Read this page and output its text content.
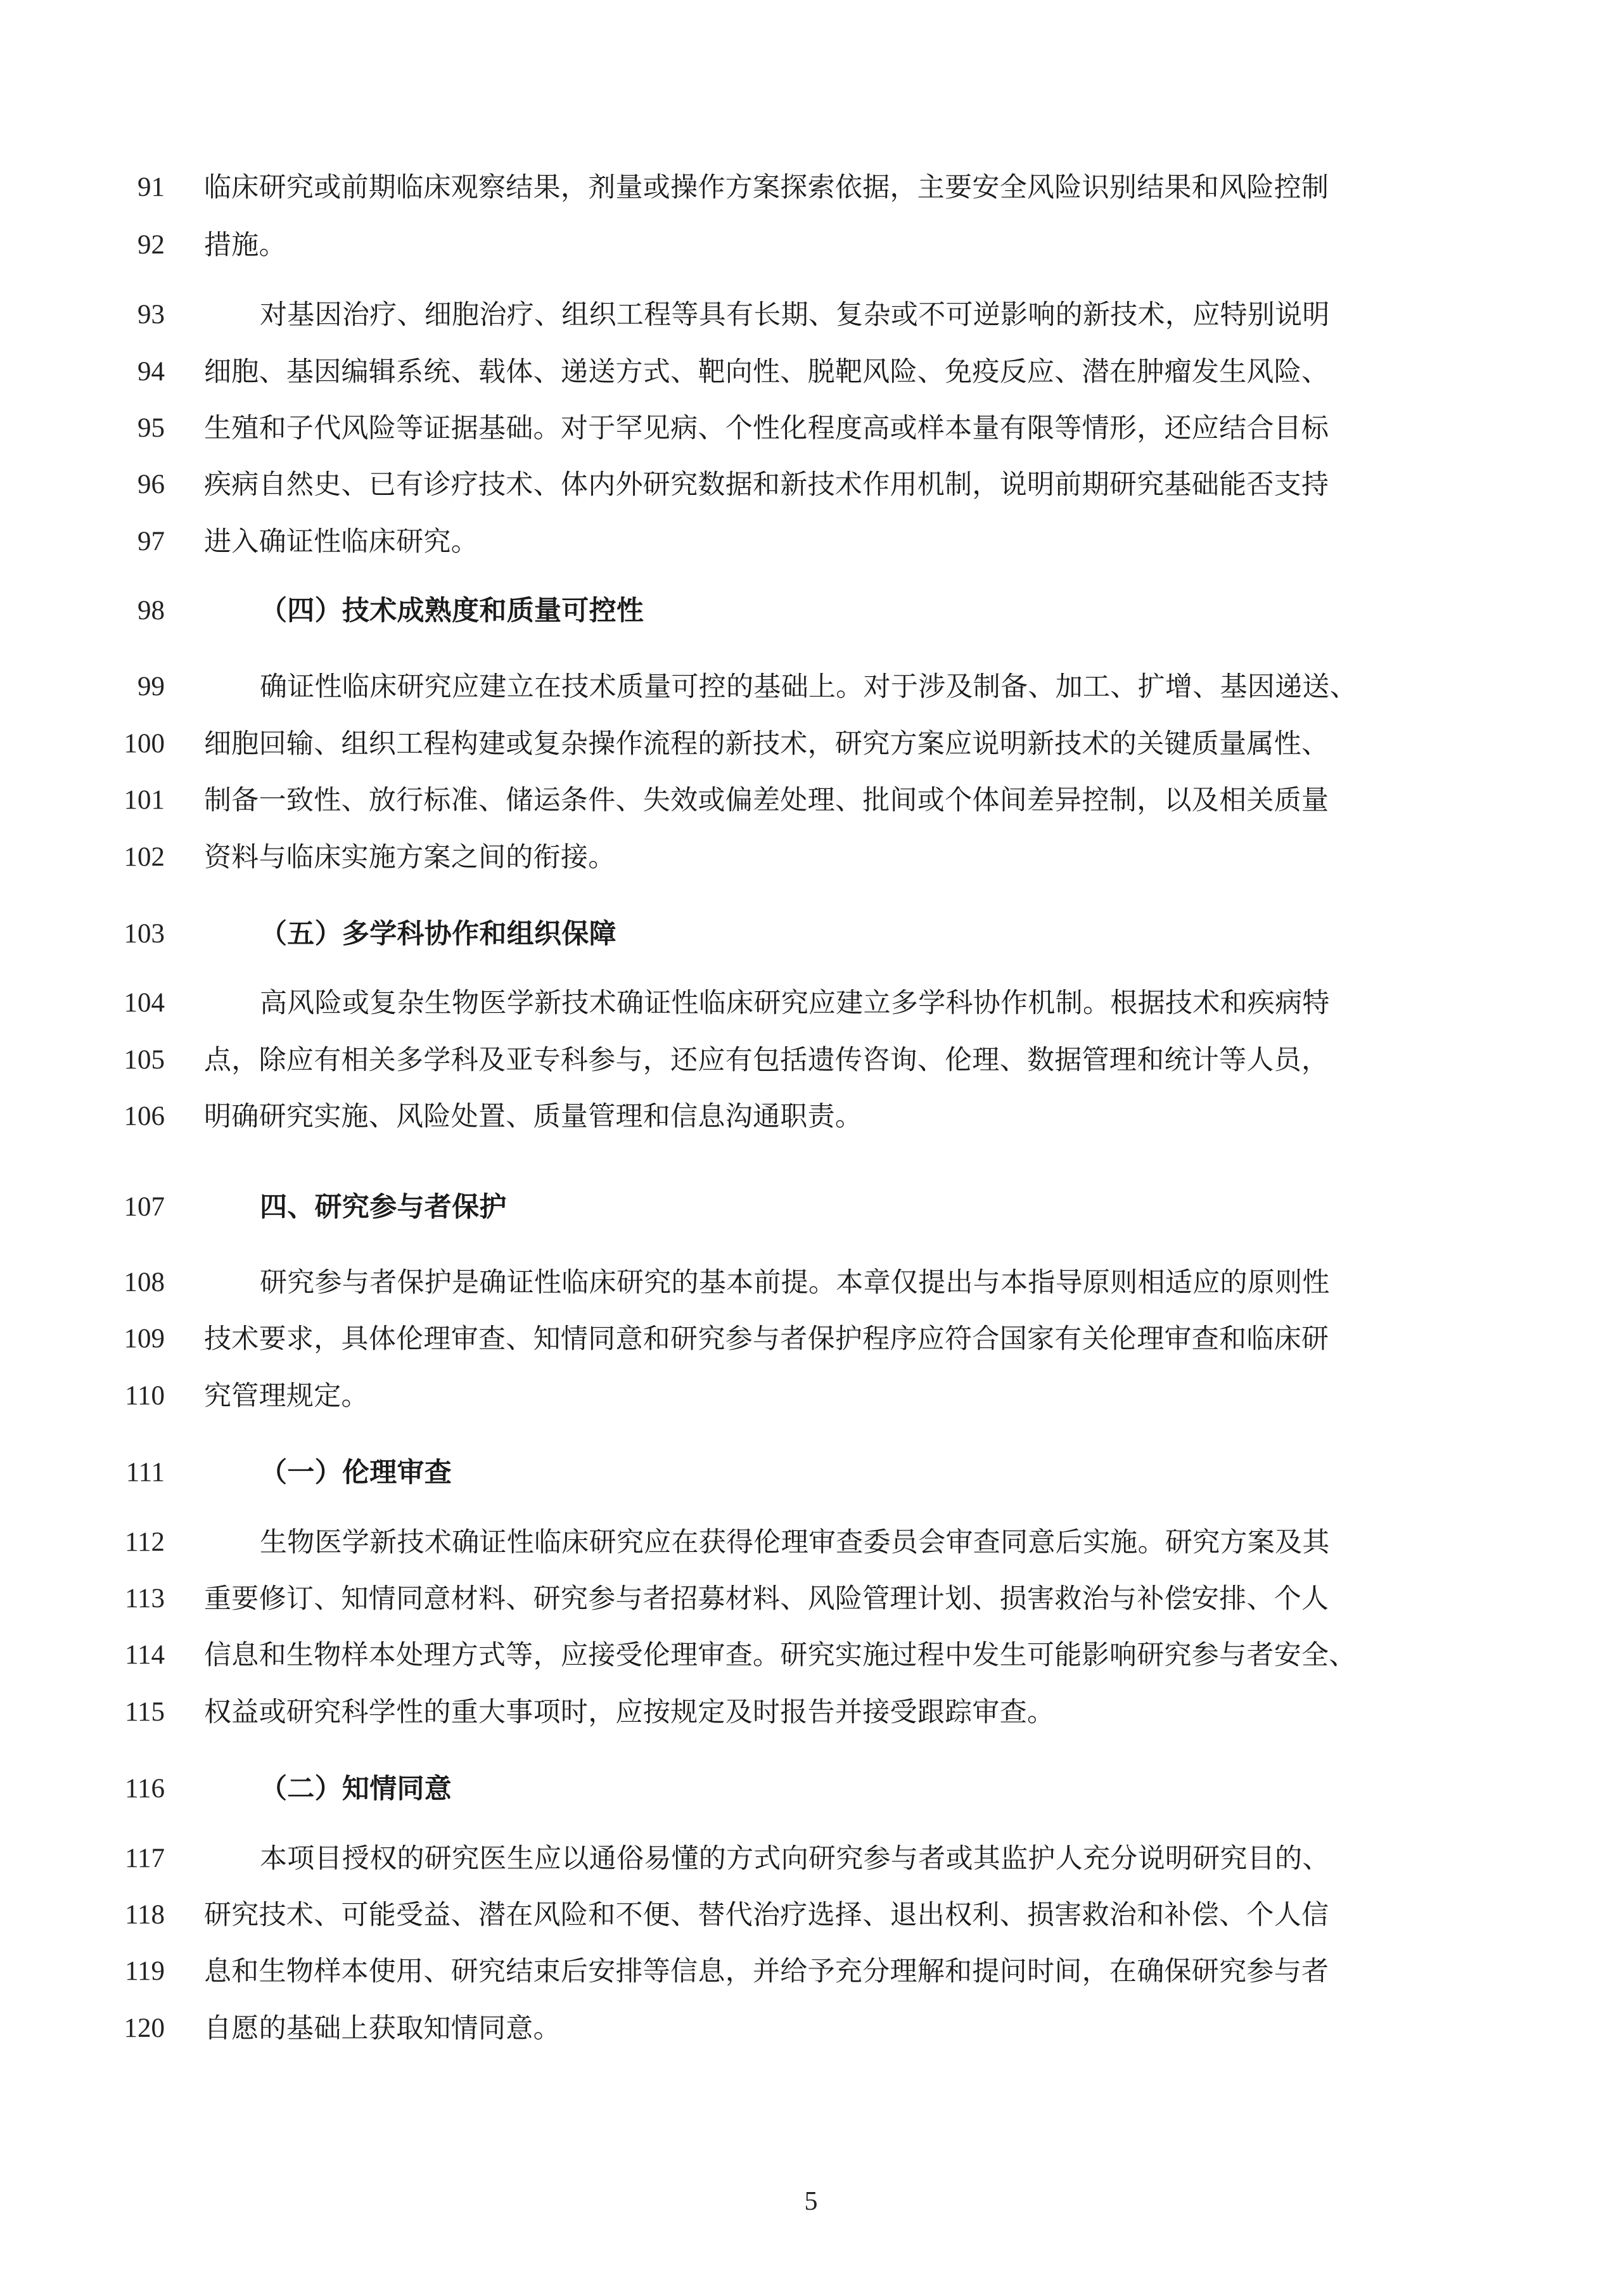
91 临床研究或前期临床观察结果，剂量或操作方案探索依据，主要安全风险识别结果和风险控制
92 措施。
93	对基因治疗、细胞治疗、组织工程等具有长期、复杂或不可逆影响的新技术，应特别说明
94 细胞、基因编辑系统、载体、递送方式、靶向性、脱靶风险、免疫反应、潜在肿瘤发生风险、
95 生殖和子代风险等证据基础。对于罕见病、个性化程度高或样本量有限等情形，还应结合目标
96 疾病自然史、已有诊疗技术、体内外研究数据和新技术作用机制，说明前期研究基础能否支持
97 进入确证性临床研究。
98	（四）技术成熟度和质量可控性
99	确证性临床研究应建立在技术质量可控的基础上。对于涉及制备、加工、扩增、基因递送、
100 细胞回输、组织工程构建或复杂操作流程的新技术，研究方案应说明新技术的关键质量属性、
101 制备一致性、放行标准、储运条件、失效或偏差处理、批间或个体间差异控制，以及相关质量
102 资料与临床实施方案之间的衔接。
103	（五）多学科协作和组织保障
104	高风险或复杂生物医学新技术确证性临床研究应建立多学科协作机制。根据技术和疾病特
105 点，除应有相关多学科及亚专科参与，还应有包括遗传咨询、伦理、数据管理和统计等人员，
106 明确研究实施、风险处置、质量管理和信息沟通职责。
107	四、研究参与者保护
108	研究参与者保护是确证性临床研究的基本前提。本章仅提出与本指导原则相适应的原则性
109 技术要求，具体伦理审查、知情同意和研究参与者保护程序应符合国家有关伦理审查和临床研
110 究管理规定。
111	（一）伦理审查
112	生物医学新技术确证性临床研究应在获得伦理审查委员会审查同意后实施。研究方案及其
113 重要修订、知情同意材料、研究参与者招募材料、风险管理计划、损害救治与补偿安排、个人
114 信息和生物样本处理方式等，应接受伦理审查。研究实施过程中发生可能影响研究参与者安全、
115 权益或研究科学性的重大事项时，应按规定及时报告并接受跟踪审查。
116	（二）知情同意
117	本项目授权的研究医生应以通俗易懂的方式向研究参与者或其监护人充分说明研究目的、
118 研究技术、可能受益、潜在风险和不便、替代治疗选择、退出权利、损害救治和补偿、个人信
119 息和生物样本使用、研究结束后安排等信息，并给予充分理解和提问时间，在确保研究参与者
120 自愿的基础上获取知情同意。
5
